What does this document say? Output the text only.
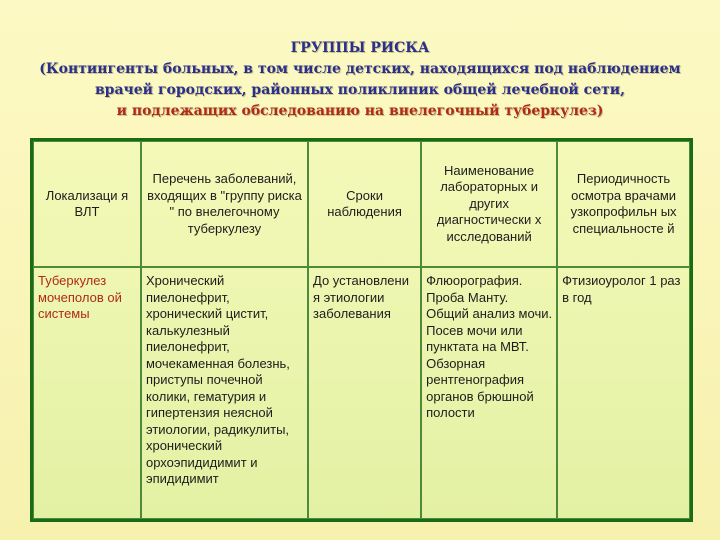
ГРУППЫ РИСКА
(Контингенты больных, в том числе детских, находящихся под наблюдением
врачей городских, районных поликлиник общей лечебной сети,
и подлежащих обследованию на внелегочный туберкулез)
Локализаци я ВЛТ	Перечень заболеваний, входящих в "группу риска " по внелегочному туберкулезу	Сроки наблюдения	Наименование лабораторных и других диагностически х исследований	Периодичность осмотра врачами узкопрофильн ых специальносте й
Туберкулез мочеполов ой системы	Хронический пиелонефрит, хронический цистит, калькулезный пиелонефрит, мочекаменная болезнь, приступы почечной колики, гематурия и гипертензия неясной этиологии, радикулиты, хронический орхоэпидидимит и эпидидимит	До установлени я этиологии заболевания	Флюорография. Проба Манту. Общий анализ мочи. Посев мочи или пунктата на МВТ. Обзорная рентгенография органов брюшной полости	Фтизиоуролог 1 раз в год
